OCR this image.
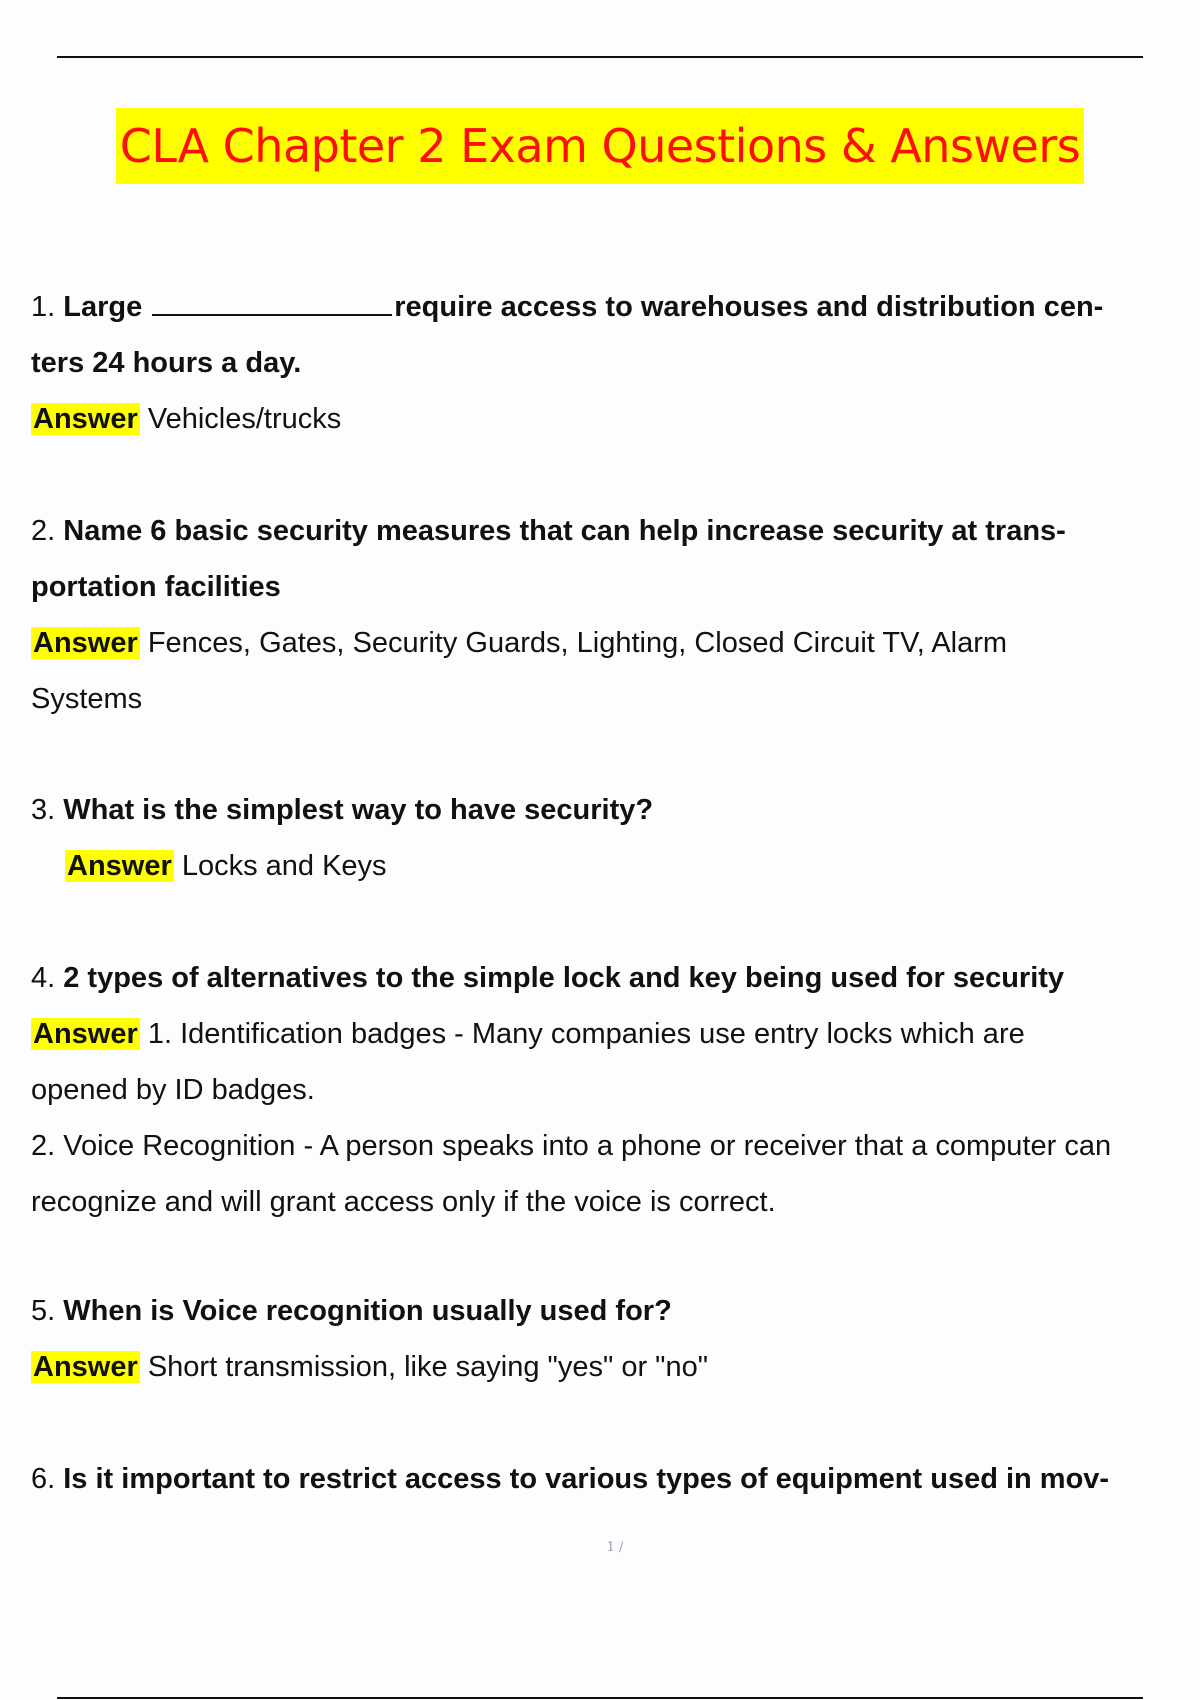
CLA Chapter 2 Exam Questions & Answers
1. Large	require access to warehouses and distribution cen-
ters 24 hours a day.
Answer Vehicles/trucks
2. Name 6 basic security measures that can help increase security at trans-
portation facilities
Answer Fences, Gates, Security Guards, Lighting, Closed Circuit TV, Alarm
Systems
3. What is the simplest way to have security?
Answer Locks and Keys
4. 2 types of alternatives to the simple lock and key being used for security
Answer 1. Identification badges - Many companies use entry locks which are
opened by ID badges.
2. Voice Recognition - A person speaks into a phone or receiver that a computer can
recognize and will grant access only if the voice is correct.
5. When is Voice recognition usually used for?
Answer Short transmission, like saying "yes" or "no"
6. Is it important to restrict access to various types of equipment used in mov-
1 /
